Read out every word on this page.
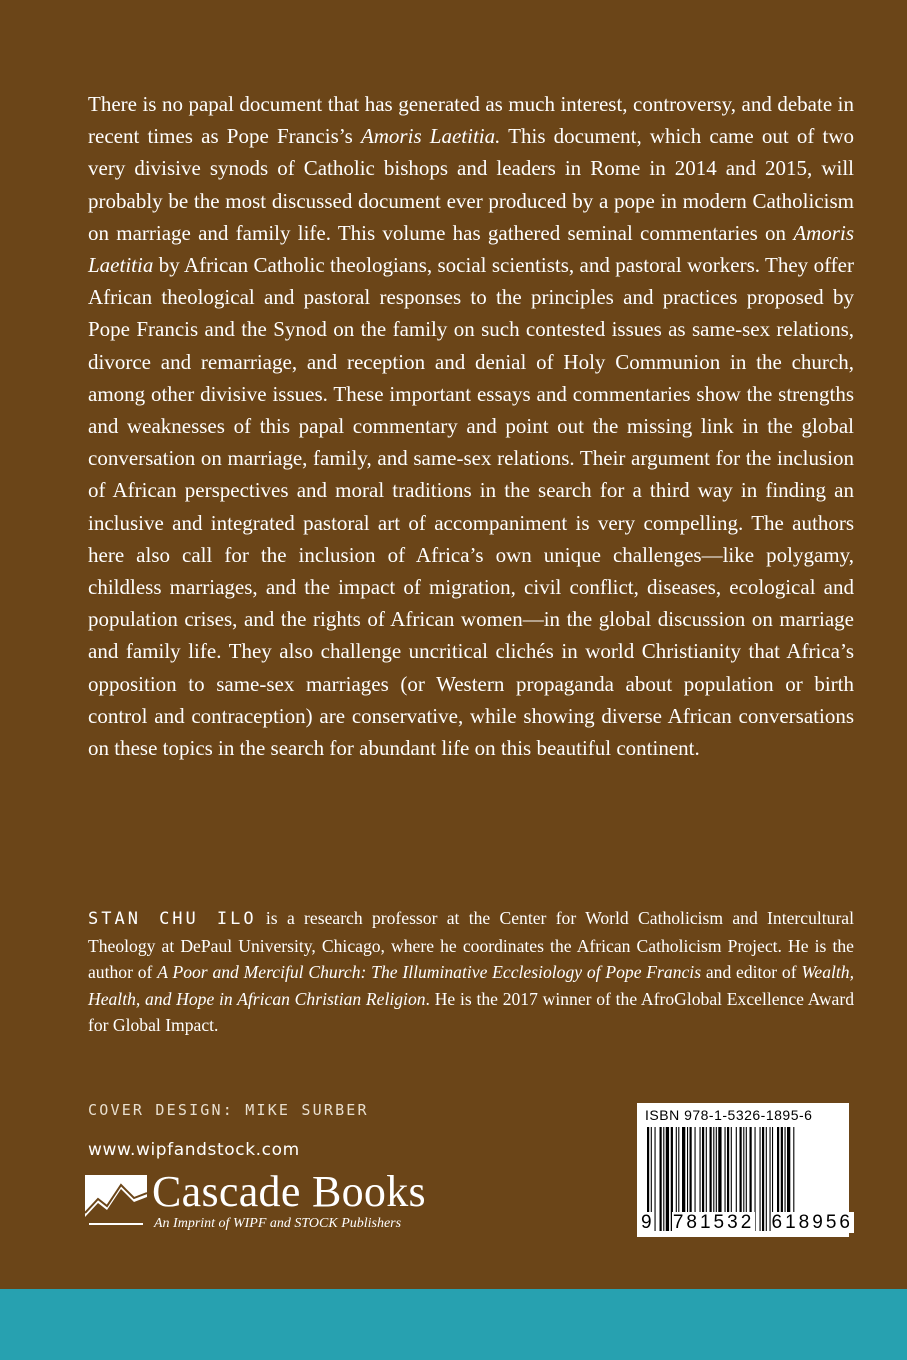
There is no papal document that has generated as much interest, controversy, and debate in recent times as Pope Francis’s Amoris Laetitia. This document, which came out of two very divisive synods of Catholic bishops and leaders in Rome in 2014 and 2015, will probably be the most discussed document ever produced by a pope in modern Catholicism on marriage and family life. This volume has gathered seminal commentaries on Amoris Laetitia by African Catholic theologians, social scientists, and pastoral workers. They offer African theological and pastoral responses to the principles and practices proposed by Pope Francis and the Synod on the family on such contested issues as same-sex relations, divorce and remarriage, and reception and denial of Holy Communion in the church, among other divisive issues. These important essays and commentaries show the strengths and weaknesses of this papal commentary and point out the missing link in the global conversation on marriage, family, and same-sex relations. Their argument for the inclusion of African perspectives and moral traditions in the search for a third way in finding an inclusive and integrated pastoral art of accompaniment is very compelling. The authors here also call for the inclusion of Africa’s own unique challenges—like polygamy, childless marriages, and the impact of migration, civil conflict, diseases, ecological and population crises, and the rights of African women—in the global discussion on marriage and family life. They also challenge uncritical clichés in world Christianity that Africa’s opposition to same-sex marriages (or Western propaganda about population or birth control and contraception) are conservative, while showing diverse African conversations on these topics in the search for abundant life on this beautiful continent.

STAN CHU ILO is a research professor at the Center for World Catholicism and Intercultural Theology at DePaul University, Chicago, where he coordinates the African Catholicism Project. He is the author of A Poor and Merciful Church: The Illuminative Ecclesiology of Pope Francis and editor of Wealth, Health, and Hope in African Christian Religion. He is the 2017 winner of the AfroGlobal Excellence Award for Global Impact.

COVER DESIGN: MIKE SURBER
www.wipfandstock.com
Cascade Books
An Imprint of WIPF and STOCK Publishers
ISBN 978-1-5326-1895-6
9 781532 618956
